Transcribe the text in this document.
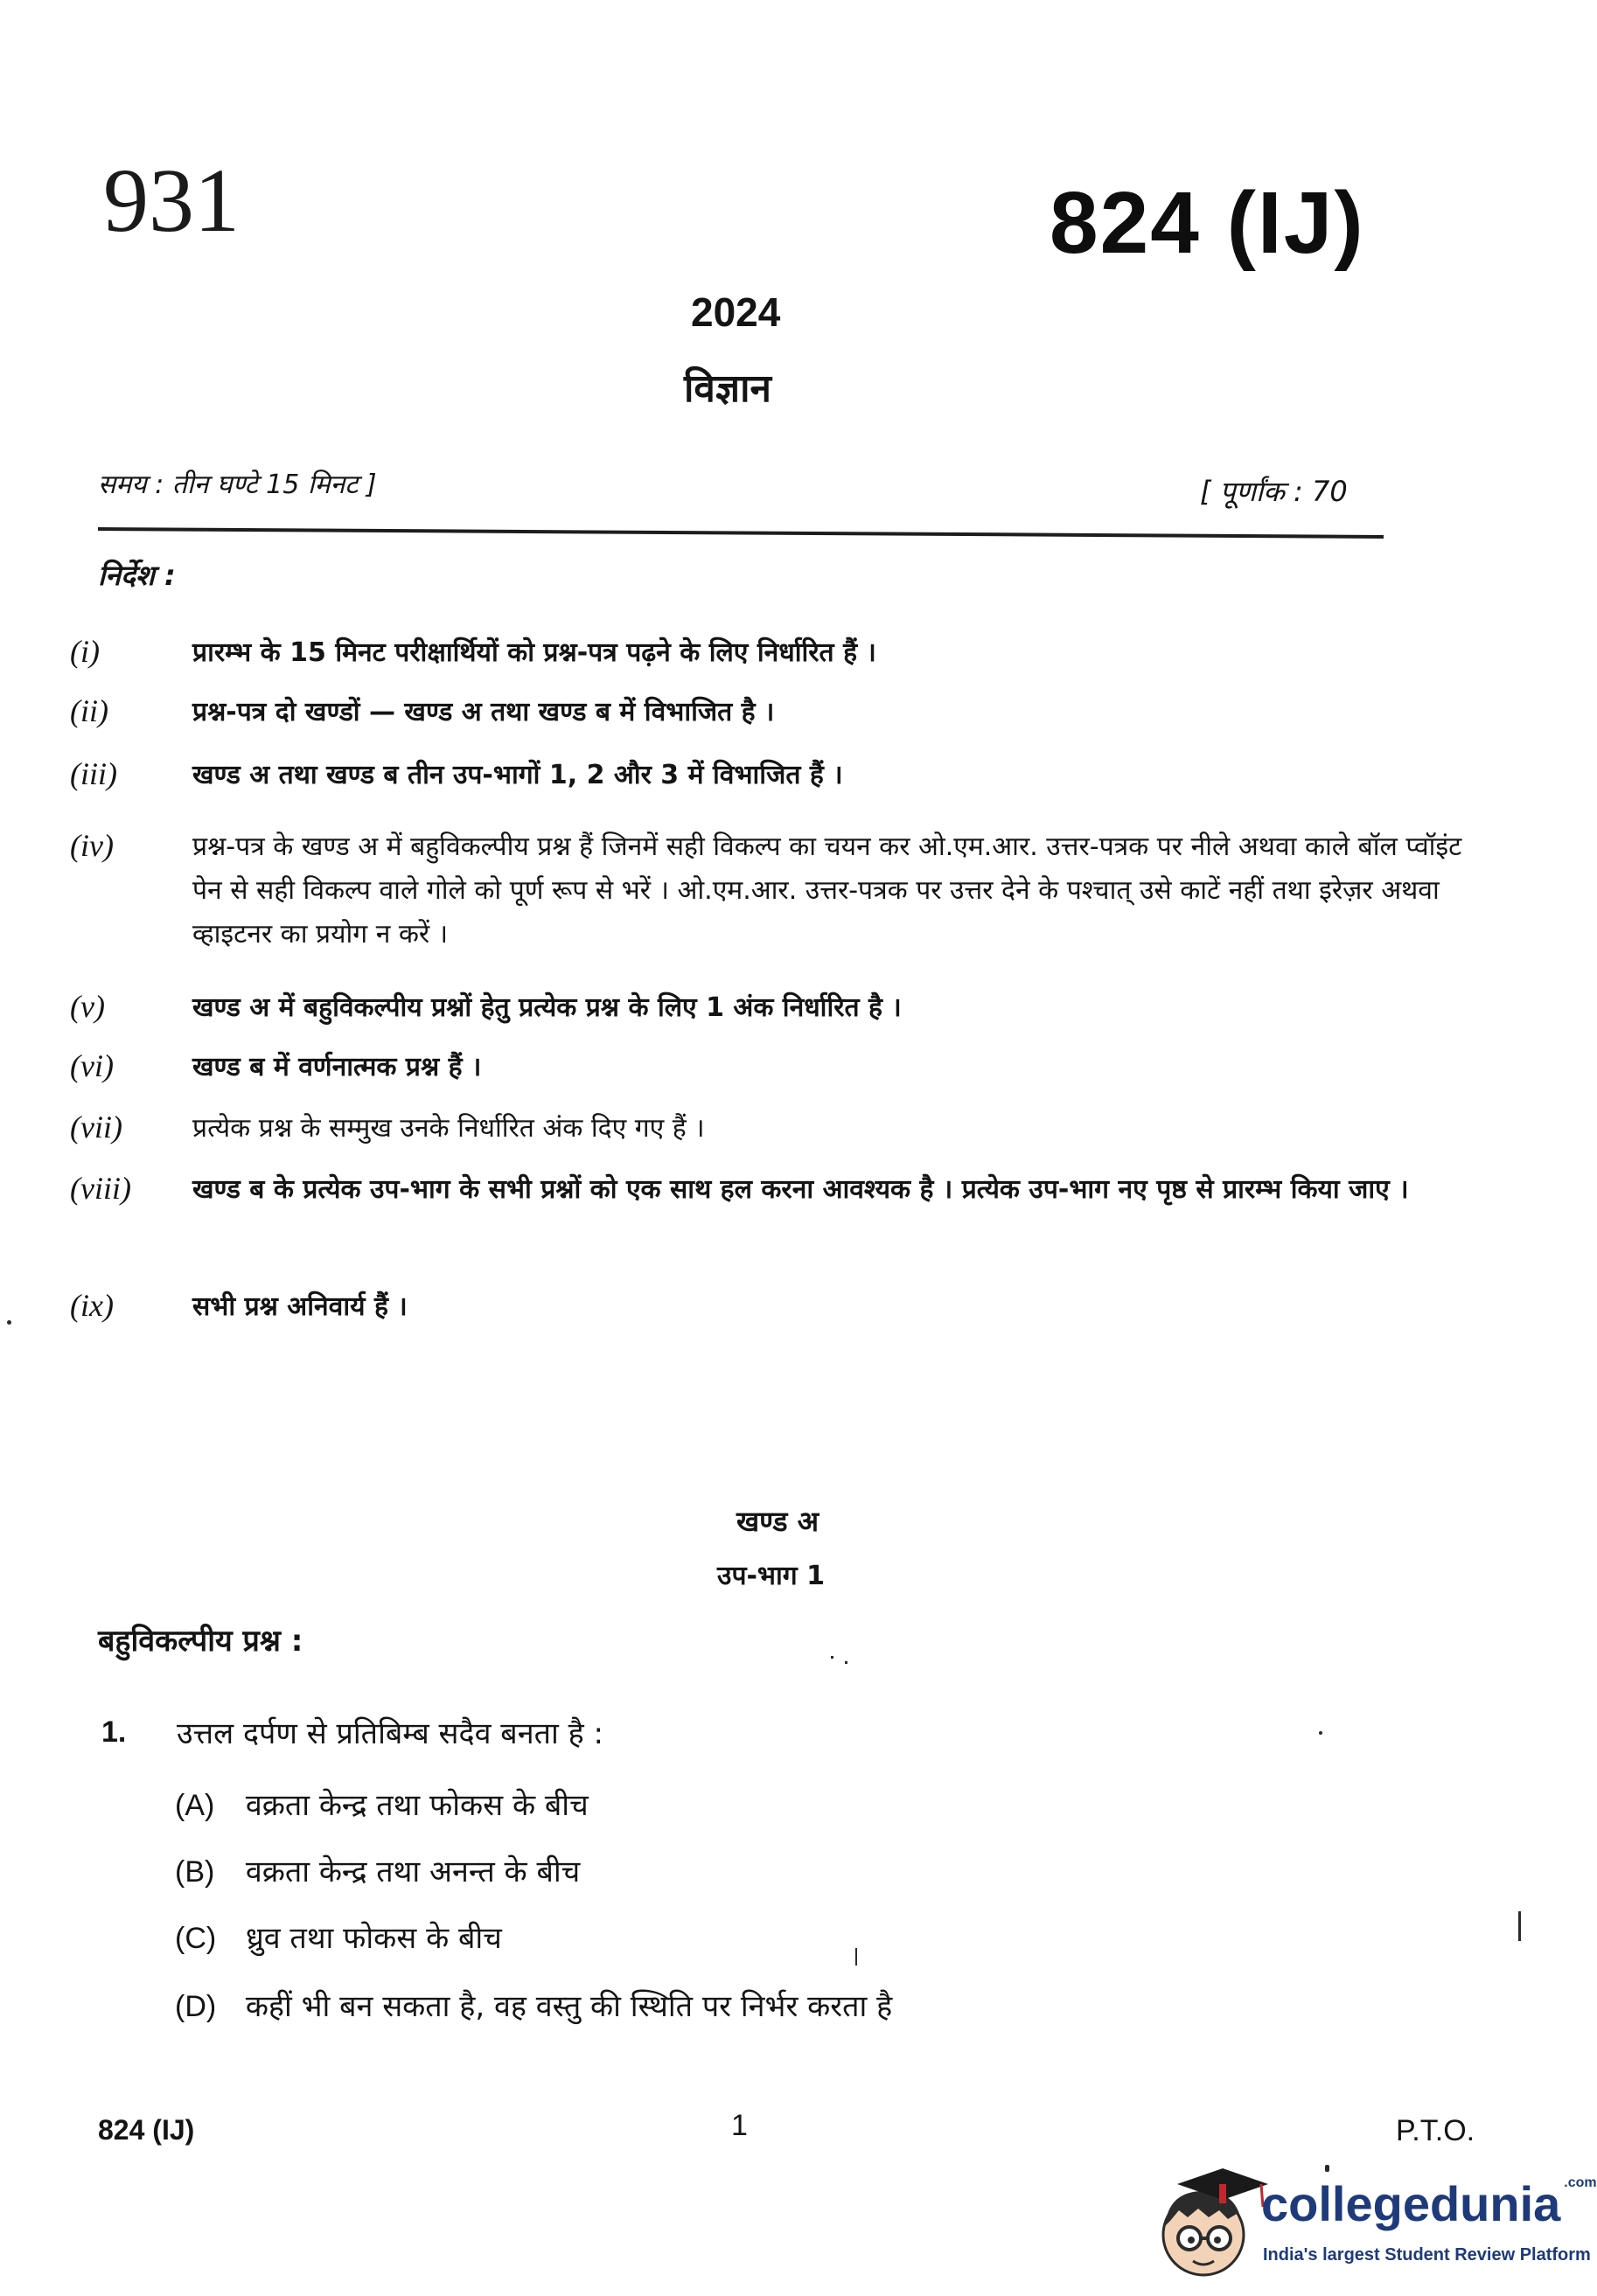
931	824 (IJ)
2024
विज्ञान
समय : तीन घण्टे 15 मिनट ]	[ पूर्णांक : 70
निर्देश :
(i)	प्रारम्भ के 15 मिनट परीक्षार्थियों को प्रश्न-पत्र पढ़ने के लिए निर्धारित हैं ।
(ii)	प्रश्न-पत्र दो खण्डों — खण्ड अ तथा खण्ड ब में विभाजित है ।
(iii)	खण्ड अ तथा खण्ड ब तीन उप-भागों 1, 2 और 3 में विभाजित हैं ।
(iv)	प्रश्न-पत्र के खण्ड अ में बहुविकल्पीय प्रश्न हैं जिनमें सही विकल्प का चयन कर ओ.एम.आर. उत्तर-पत्रक पर नीले अथवा काले बॉल प्वॉइंट पेन से सही विकल्प वाले गोले को पूर्ण रूप से भरें । ओ.एम.आर. उत्तर-पत्रक पर उत्तर देने के पश्चात् उसे काटें नहीं तथा इरेज़र अथवा व्हाइटनर का प्रयोग न करें ।
(v)	खण्ड अ में बहुविकल्पीय प्रश्नों हेतु प्रत्येक प्रश्न के लिए 1 अंक निर्धारित है ।
(vi)	खण्ड ब में वर्णनात्मक प्रश्न हैं ।
(vii)	प्रत्येक प्रश्न के सम्मुख उनके निर्धारित अंक दिए गए हैं ।
(viii)	खण्ड ब के प्रत्येक उप-भाग के सभी प्रश्नों को एक साथ हल करना आवश्यक है । प्रत्येक उप-भाग नए पृष्ठ से प्रारम्भ किया जाए ।
(ix)	सभी प्रश्न अनिवार्य हैं ।
खण्ड अ
उप-भाग 1
बहुविकल्पीय प्रश्न :
1. उत्तल दर्पण से प्रतिबिम्ब सदैव बनता है :
(A) वक्रता केन्द्र तथा फोकस के बीच
(B) वक्रता केन्द्र तथा अनन्त के बीच
(C) ध्रुव तथा फोकस के बीच
(D) कहीं भी बन सकता है, वह वस्तु की स्थिति पर निर्भर करता है
824 (IJ)	1	P.T.O.
collegedunia $^{.com}$
India's largest Student Review Platform
